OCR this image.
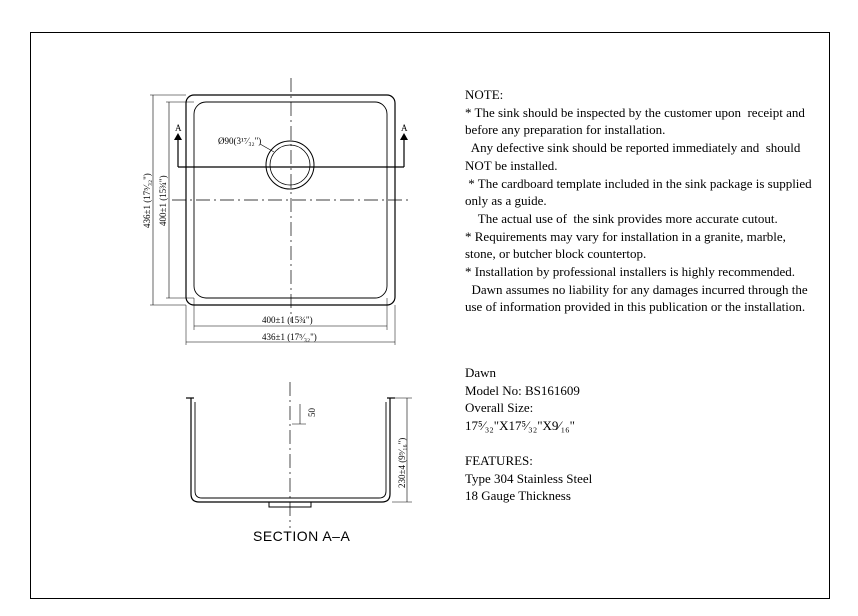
A	A
Ø90(3¹⁷⁄₃₂")
400±1 (15¾")
436±1 (17⁵⁄₃₂")
436±1 (17⁵⁄₃₂") 400±1 (15¾")
50
230±4 (9⁹⁄₁₆")
SECTION A–A
NOTE:
* The sink should be inspected by the customer upon  receipt and
before any preparation for installation.
Any defective sink should be reported immediately and  should
NOT be installed.
* The cardboard template included in the sink package is supplied
only as a guide.
The actual use of  the sink provides more accurate cutout.
* Requirements may vary for installation in a granite, marble,
stone, or butcher block countertop.
* Installation by professional installers is highly recommended.
Dawn assumes no liability for any damages incurred through the
use of information provided in this publication or the installation.
Dawn
Model No: BS161609
Overall Size:
17⁵⁄₃₂"X17⁵⁄₃₂"X9⁄₁₆"
FEATURES:
Type 304 Stainless Steel
18 Gauge Thickness
